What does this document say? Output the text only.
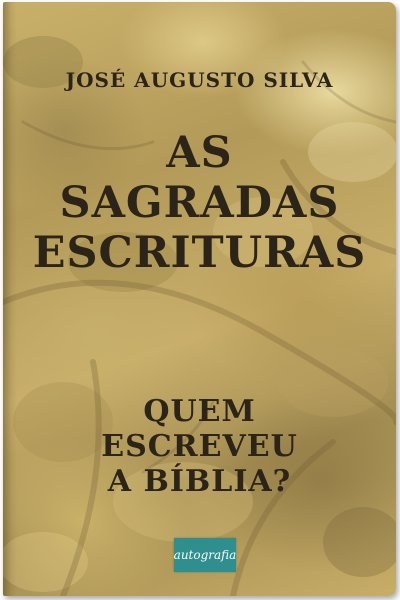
JOSÉ AUGUSTO SILVA

AS
SAGRADAS
ESCRITURAS
QUEM
ESCREVEU
A BÍBLIA?
autografia
